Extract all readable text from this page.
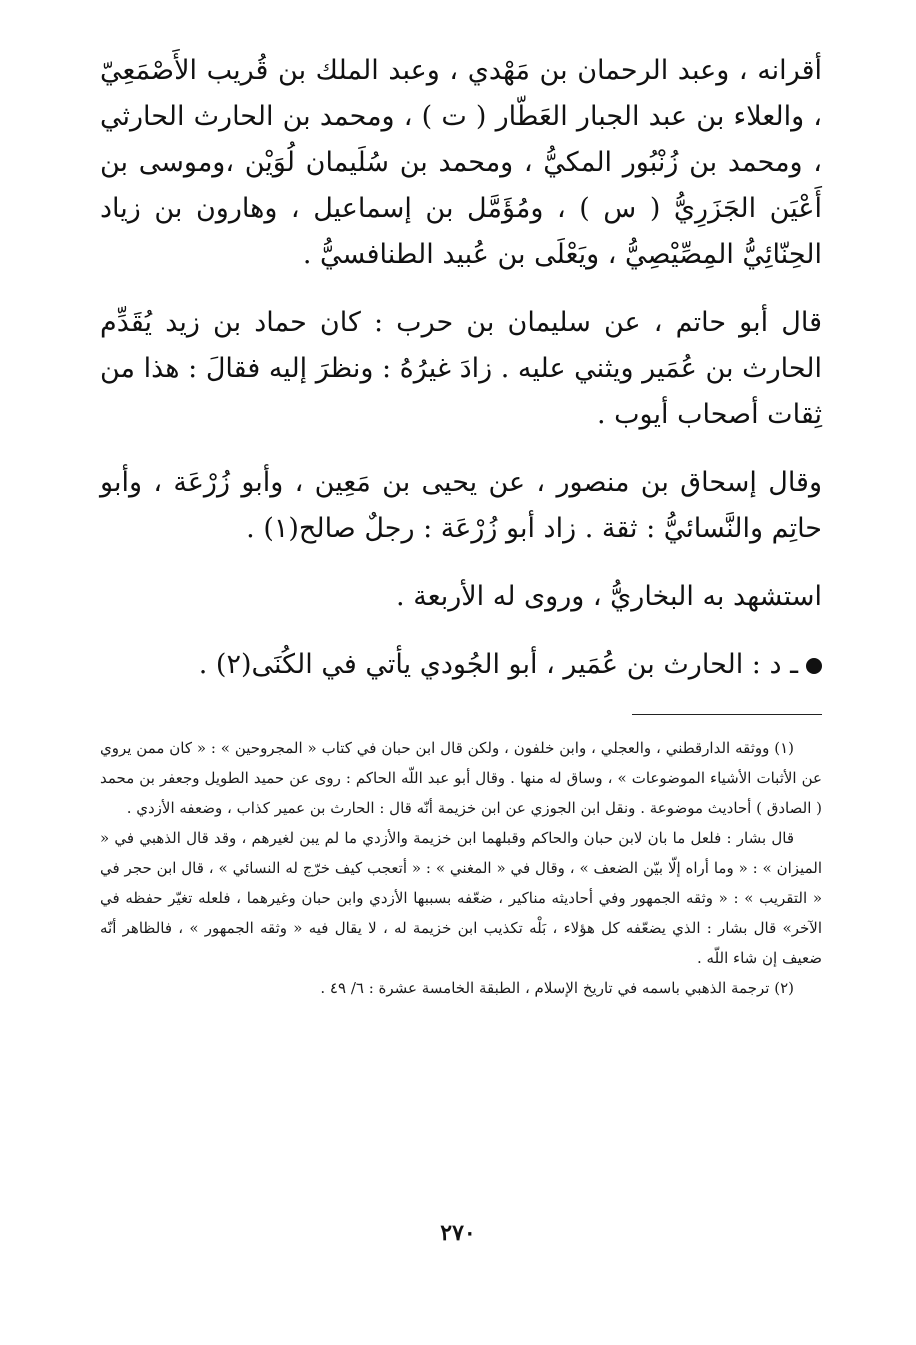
أقرانه ، وعبد الرحمان بن مَهْدي ، وعبد الملك بن قُريب الأَصْمَعِيّ ، والعلاء بن عبد الجبار العَطّار ( ت ) ، ومحمد بن الحارث الحارثي ، ومحمد بن زُنْبُور المكيُّ ، ومحمد بن سُلَيمان لُوَيْن ،وموسى بن أَعْيَن الجَزَرِيُّ ( س ) ، ومُؤَمَّل بن إسماعيل ، وهارون بن زياد الحِنّائِيُّ المِصِّيْصِيُّ ، ويَعْلَى بن عُبيد الطنافسيُّ .

قال أبو حاتم ، عن سليمان بن حرب : كان حماد بن زيد يُقَدِّم الحارث بن عُمَير ويثني عليه . زادَ غيرُهُ : ونظرَ إليه فقالَ : هذا من ثِقات أصحاب أيوب .

وقال إسحاق بن منصور ، عن يحيى بن مَعِين ، وأبو زُرْعَة ، وأبو حاتِم والنَّسائيُّ : ثقة . زاد أبو زُرْعَة : رجلٌ صالح(١) .

استشهد به البخاريُّ ، وروى له الأربعة .

ـ د : الحارث بن عُمَير ، أبو الجُودي يأتي في الكُنَى(٢) .

(١) ووثقه الدارقطني ، والعجلي ، وابن خلفون ، ولكن قال ابن حبان في كتاب « المجروحين » : « كان ممن يروي عن الأثبات الأشياء الموضوعات » ، وساق له منها . وقال أبو عبد اللّه الحاكم : روى عن حميد الطويل وجعفر بن محمد ( الصادق ) أحاديث موضوعة . ونقل ابن الجوزي عن ابن خزيمة أنّه قال : الحارث بن عمير كذاب ، وضعفه الأزدي .

قال بشار : فلعل ما بان لابن حبان والحاكم وقبلهما ابن خزيمة والأزدي ما لم يبن لغيرهم ، وقد قال الذهبي في « الميزان » : « وما أراه إلّا بيّن الضعف » ، وقال في « المغني » : « أتعجب كيف خرّج له النسائي » ، قال ابن حجر في « التقريب » : « وثقه الجمهور وفي أحاديثه مناكير ، ضعّفه بسببها الأزدي وابن حبان وغيرهما ، فلعله تغيّر حفظه في الآخر» قال بشار : الذي يضعّفه كل هؤلاء ، بَلْه تكذيب ابن خزيمة له ، لا يقال فيه « وثقه الجمهور » ، فالظاهر أنّه ضعيف إن شاء اللّه .

(٢) ترجمة الذهبي باسمه في تاريخ الإسلام ، الطبقة الخامسة عشرة : ٦/ ٤٩ .

٢٧٠
